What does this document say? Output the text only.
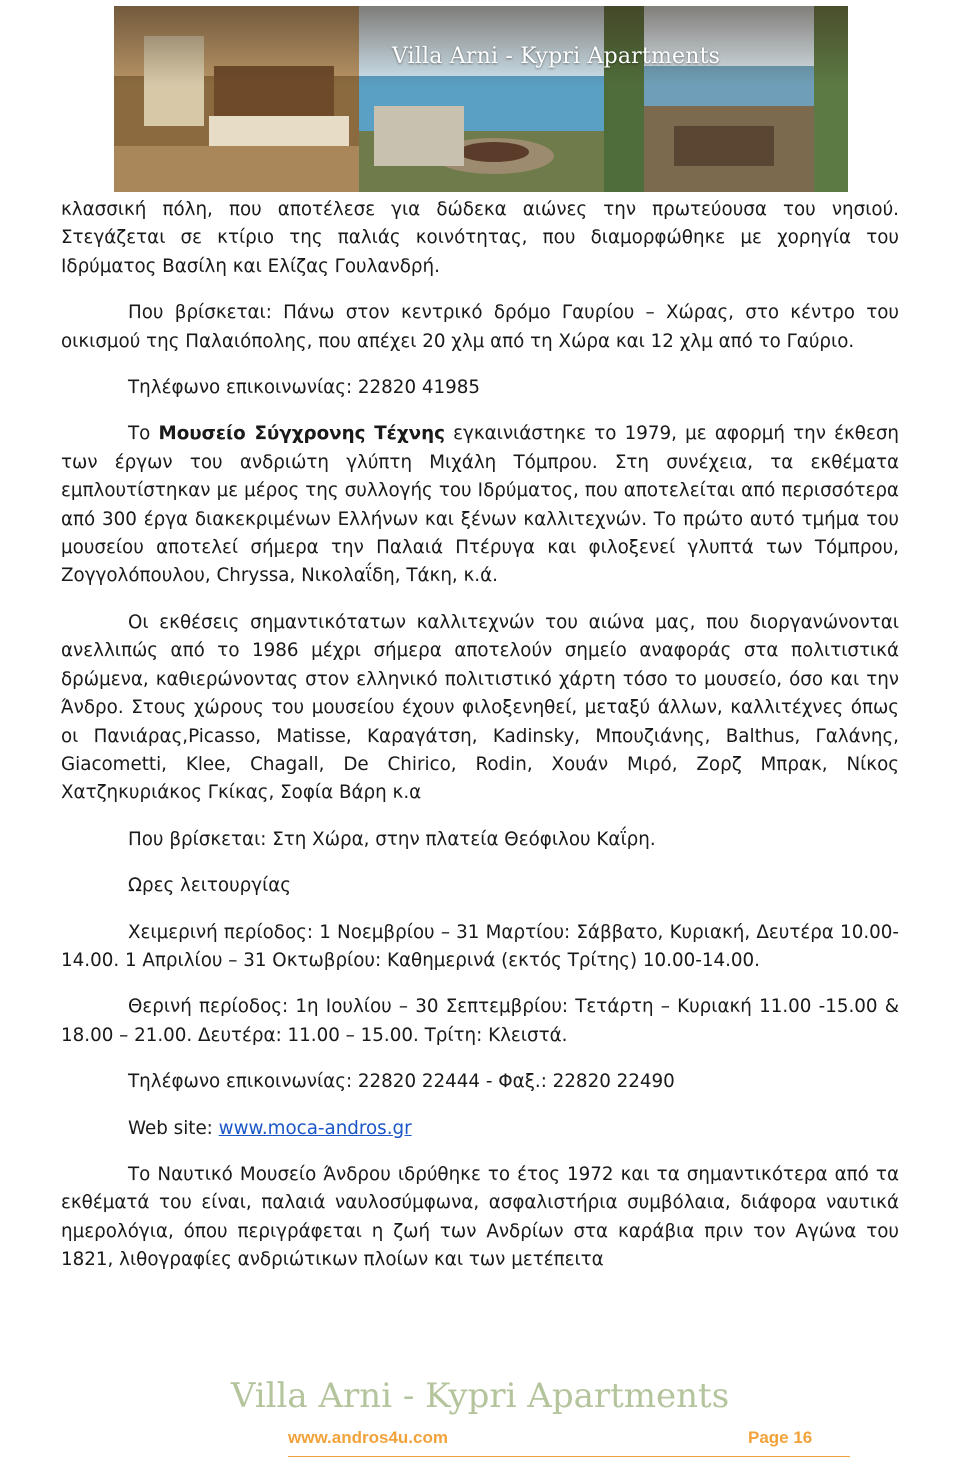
Villa Arni - Kypri Apartments

κλασσική πόλη, που αποτέλεσε για δώδεκα αιώνες την πρωτεύουσα του νησιού. Στεγάζεται σε κτίριο της παλιάς κοινότητας, που διαμορφώθηκε με χορηγία του Ιδρύματος Βασίλη και Ελίζας Γουλανδρή.

Που βρίσκεται: Πάνω στον κεντρικό δρόμο Γαυρίου – Χώρας, στο κέντρο του οικισμού της Παλαιόπολης, που απέχει 20 χλμ από τη Χώρα και 12 χλμ από το Γαύριο.

Τηλέφωνο επικοινωνίας: 22820 41985

Το Μουσείο Σύγχρονης Τέχνης εγκαινιάστηκε το 1979, με αφορμή την έκθεση των έργων του ανδριώτη γλύπτη Μιχάλη Τόμπρου. Στη συνέχεια, τα εκθέματα εμπλουτίστηκαν με μέρος της συλλογής του Ιδρύματος, που αποτελείται από περισσότερα από 300 έργα διακεκριμένων Ελλήνων και ξένων καλλιτεχνών. Το πρώτο αυτό τμήμα του μουσείου αποτελεί σήμερα την Παλαιά Πτέρυγα και φιλοξενεί γλυπτά των Τόμπρου, Ζογγολόπουλου, Chryssa, Νικολαΐδη, Τάκη, κ.ά.

Οι εκθέσεις σημαντικότατων καλλιτεχνών του αιώνα μας, που διοργανώνονται ανελλιπώς από το 1986 μέχρι σήμερα αποτελούν σημείο αναφοράς στα πολιτιστικά δρώμενα, καθιερώνοντας στον ελληνικό πολιτιστικό χάρτη τόσο το μουσείο, όσο και την Άνδρο. Στους χώρους του μουσείου έχουν φιλοξενηθεί, μεταξύ άλλων, καλλιτέχνες όπως οι Πανιάρας,Picasso, Matisse, Καραγάτση, Kadinsky, Μπουζιάνης, Balthus, Γαλάνης, Giacometti, Klee, Chagall, De Chirico, Rodin, Χουάν Μιρό, Ζορζ Μπρακ, Νίκος Χατζηκυριάκος Γκίκας, Σοφία Βάρη κ.α

Που βρίσκεται: Στη Χώρα, στην πλατεία Θεόφιλου Καΐρη.

Ωρες λειτουργίας

Χειμερινή περίοδος: 1 Νοεμβρίου – 31 Μαρτίου: Σάββατο, Κυριακή, Δευτέρα 10.00-14.00. 1 Απριλίου – 31 Οκτωβρίου: Καθημερινά (εκτός Τρίτης) 10.00-14.00.

Θερινή περίοδος: 1η Ιουλίου – 30 Σεπτεμβρίου: Τετάρτη – Κυριακή 11.00 -15.00 & 18.00 – 21.00. Δευτέρα: 11.00 – 15.00. Τρίτη: Κλειστά.

Τηλέφωνο επικοινωνίας: 22820 22444 - Φαξ.: 22820 22490

Web site: www.moca-andros.gr

Το Ναυτικό Μουσείο Άνδρου ιδρύθηκε το έτος 1972 και τα σημαντικότερα από τα εκθέματά του είναι, παλαιά ναυλοσύμφωνα, ασφαλιστήρια συμβόλαια, διάφορα ναυτικά ημερολόγια, όπου περιγράφεται η ζωή των Ανδρίων στα καράβια πριν τον Αγώνα του 1821, λιθογραφίες ανδριώτικων πλοίων και των μετέπειτα

Villa Arni - Kypri Apartments
www.andros4u.com	Page 16
